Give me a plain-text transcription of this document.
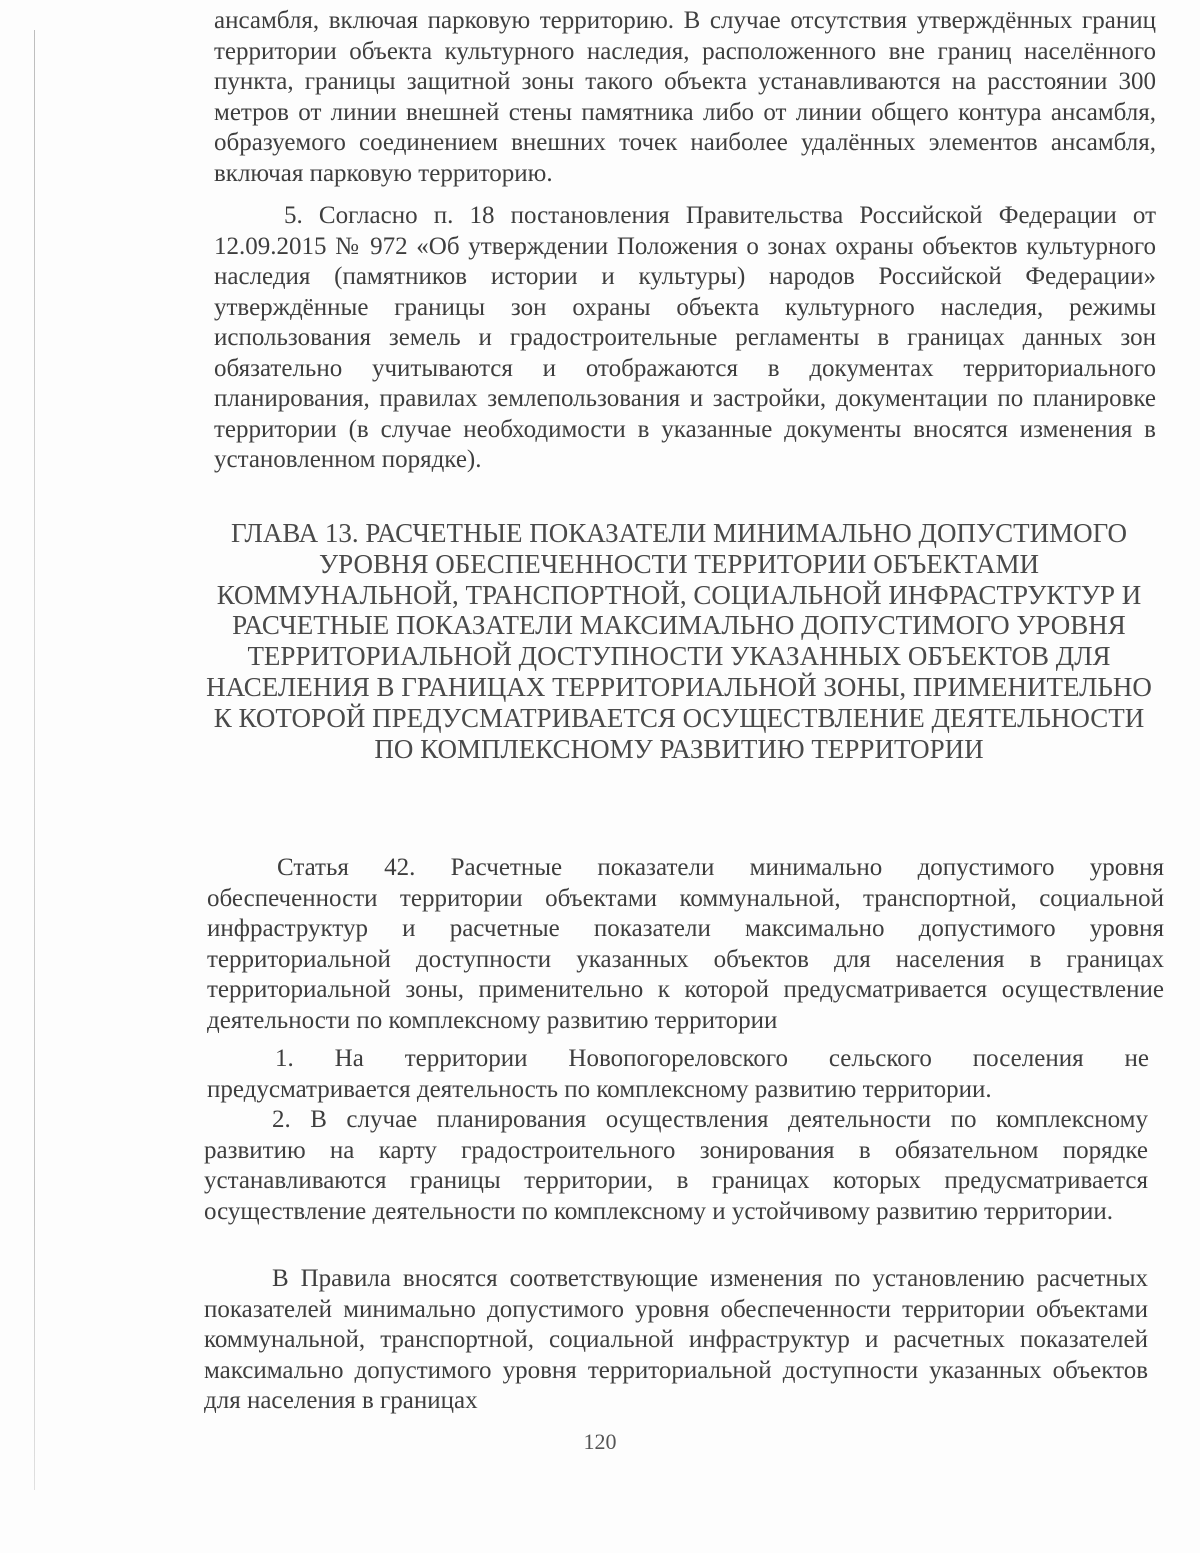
ансамбля, включая парковую территорию. В случае отсутствия утверждённых границ территории объекта культурного наследия, расположенного вне границ населённого пункта, границы защитной зоны такого объекта устанавливаются на расстоянии 300 метров от линии внешней стены памятника либо от линии общего контура ансамбля, образуемого соединением внешних точек наиболее удалённых элементов ансамбля, включая парковую территорию.

5. Согласно п. 18 постановления Правительства Российской Федерации от 12.09.2015 № 972 «Об утверждении Положения о зонах охраны объектов культурного наследия (памятников истории и культуры) народов Российской Федерации» утверждённые границы зон охраны объекта культурного наследия, режимы использования земель и градостроительные регламенты в границах данных зон обязательно учитываются и отображаются в документах территориального планирования, правилах землепользования и застройки, документации по планировке территории (в случае необходимости в указанные документы вносятся изменения в установленном порядке).

ГЛАВА 13. РАСЧЕТНЫЕ ПОКАЗАТЕЛИ МИНИМАЛЬНО ДОПУСТИМОГО УРОВНЯ ОБЕСПЕЧЕННОСТИ ТЕРРИТОРИИ ОБЪЕКТАМИ КОММУНАЛЬНОЙ, ТРАНСПОРТНОЙ, СОЦИАЛЬНОЙ ИНФРАСТРУКТУР И РАСЧЕТНЫЕ ПОКАЗАТЕЛИ МАКСИМАЛЬНО ДОПУСТИМОГО УРОВНЯ ТЕРРИТОРИАЛЬНОЙ ДОСТУПНОСТИ УКАЗАННЫХ ОБЪЕКТОВ ДЛЯ НАСЕЛЕНИЯ В ГРАНИЦАХ ТЕРРИТОРИАЛЬНОЙ ЗОНЫ, ПРИМЕНИТЕЛЬНО К КОТОРОЙ ПРЕДУСМАТРИВАЕТСЯ ОСУЩЕСТВЛЕНИЕ ДЕЯТЕЛЬНОСТИ ПО КОМПЛЕКСНОМУ РАЗВИТИЮ ТЕРРИТОРИИ

Статья 42. Расчетные показатели минимально допустимого уровня обеспеченности территории объектами коммунальной, транспортной, социальной инфраструктур и расчетные показатели максимально допустимого уровня территориальной доступности указанных объектов для населения в границах территориальной зоны, применительно к которой предусматривается осуществление деятельности по комплексному развитию территории

1. На территории Новопогореловского сельского поселения не предусматривается деятельность по комплексному развитию территории.

2. В случае планирования осуществления деятельности по комплексному развитию на карту градостроительного зонирования в обязательном порядке устанавливаются границы территории, в границах которых предусматривается осуществление деятельности по комплексному и устойчивому развитию территории.

В Правила вносятся соответствующие изменения по установлению расчетных показателей минимально допустимого уровня обеспеченности территории объектами коммунальной, транспортной, социальной инфраструктур и расчетных показателей максимально допустимого уровня территориальной доступности указанных объектов для населения в границах

120
